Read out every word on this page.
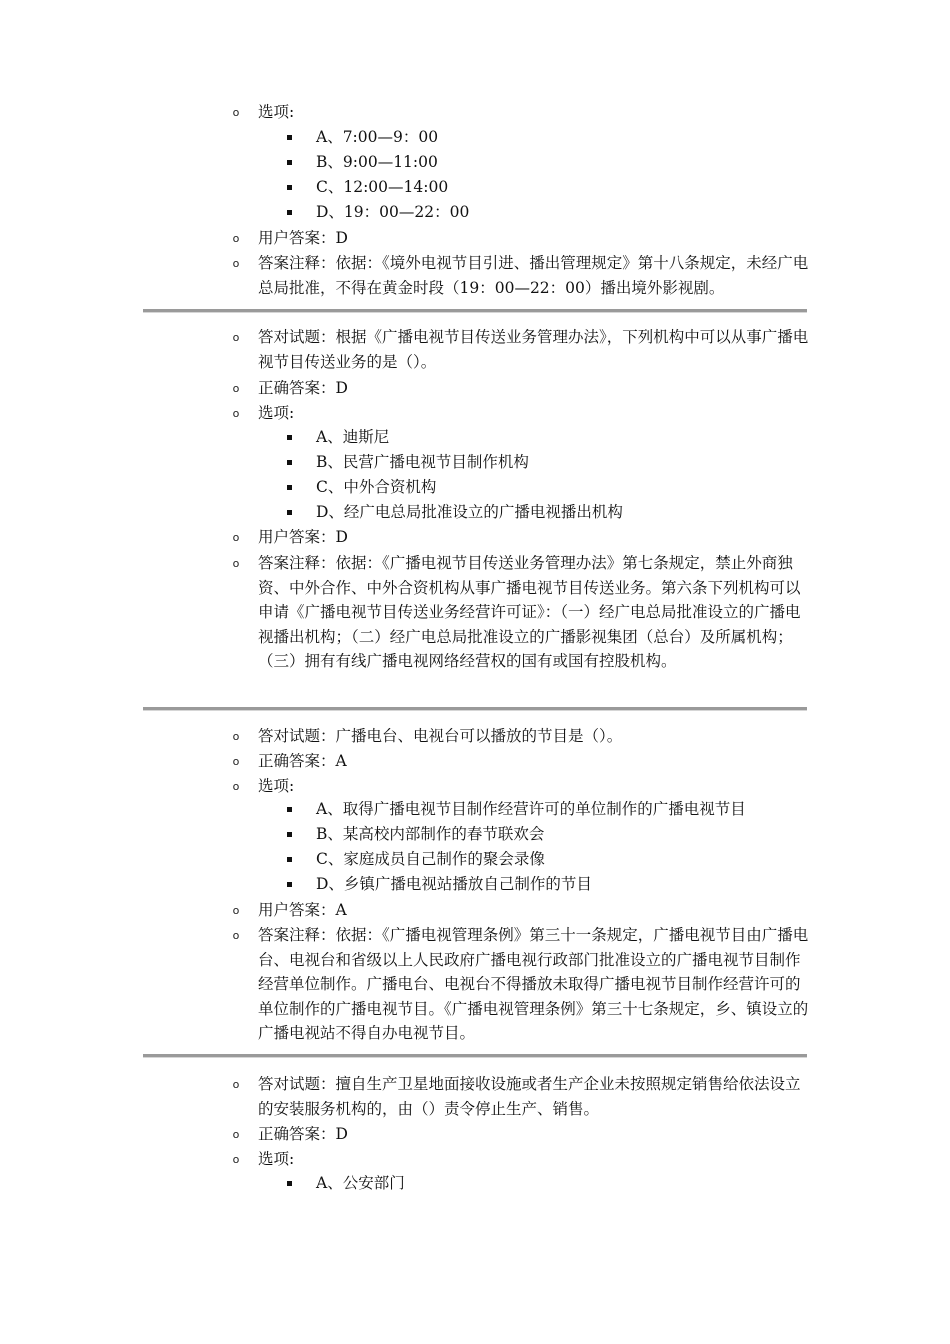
o 选项:
A、7:00—9：00
B、9:00—11:00
C、12:00—14:00
D、19：00—22：00
o 用户答案：D
o 答案注释：依据：《境外电视节目引进、播出管理规定》第十八条规定，未经广电总局批准，不得在黄金时段（19：00—22：00）播出境外影视剧。
o 答对试题：根据《广播电视节目传送业务管理办法》，下列机构中可以从事广播电视节目传送业务的是（）。
o 正确答案：D
o 选项:
A、迪斯尼
B、民营广播电视节目制作机构
C、中外合资机构
D、经广电总局批准设立的广播电视播出机构
o 用户答案：D
o 答案注释：依据：《广播电视节目传送业务管理办法》第七条规定，禁止外商独资、中外合作、中外合资机构从事广播电视节目传送业务。第六条下列机构可以申请《广播电视节目传送业务经营许可证》：（一）经广电总局批准设立的广播电视播出机构；（二）经广电总局批准设立的广播影视集团（总台）及所属机构；（三）拥有有线广播电视网络经营权的国有或国有控股机构。
o 答对试题：广播电台、电视台可以播放的节目是（）。
o 正确答案：A
o 选项:
A、取得广播电视节目制作经营许可的单位制作的广播电视节目
B、某高校内部制作的春节联欢会
C、家庭成员自己制作的聚会录像
D、乡镇广播电视站播放自己制作的节目
o 用户答案：A
o 答案注释：依据：《广播电视管理条例》第三十一条规定，广播电视节目由广播电台、电视台和省级以上人民政府广播电视行政部门批准设立的广播电视节目制作经营单位制作。广播电台、电视台不得播放未取得广播电视节目制作经营许可的单位制作的广播电视节目。《广播电视管理条例》第三十七条规定，乡、镇设立的广播电视站不得自办电视节目。
o 答对试题：擅自生产卫星地面接收设施或者生产企业未按照规定销售给依法设立的安装服务机构的，由（）责令停止生产、销售。
o 正确答案：D
o 选项:
A、公安部门
